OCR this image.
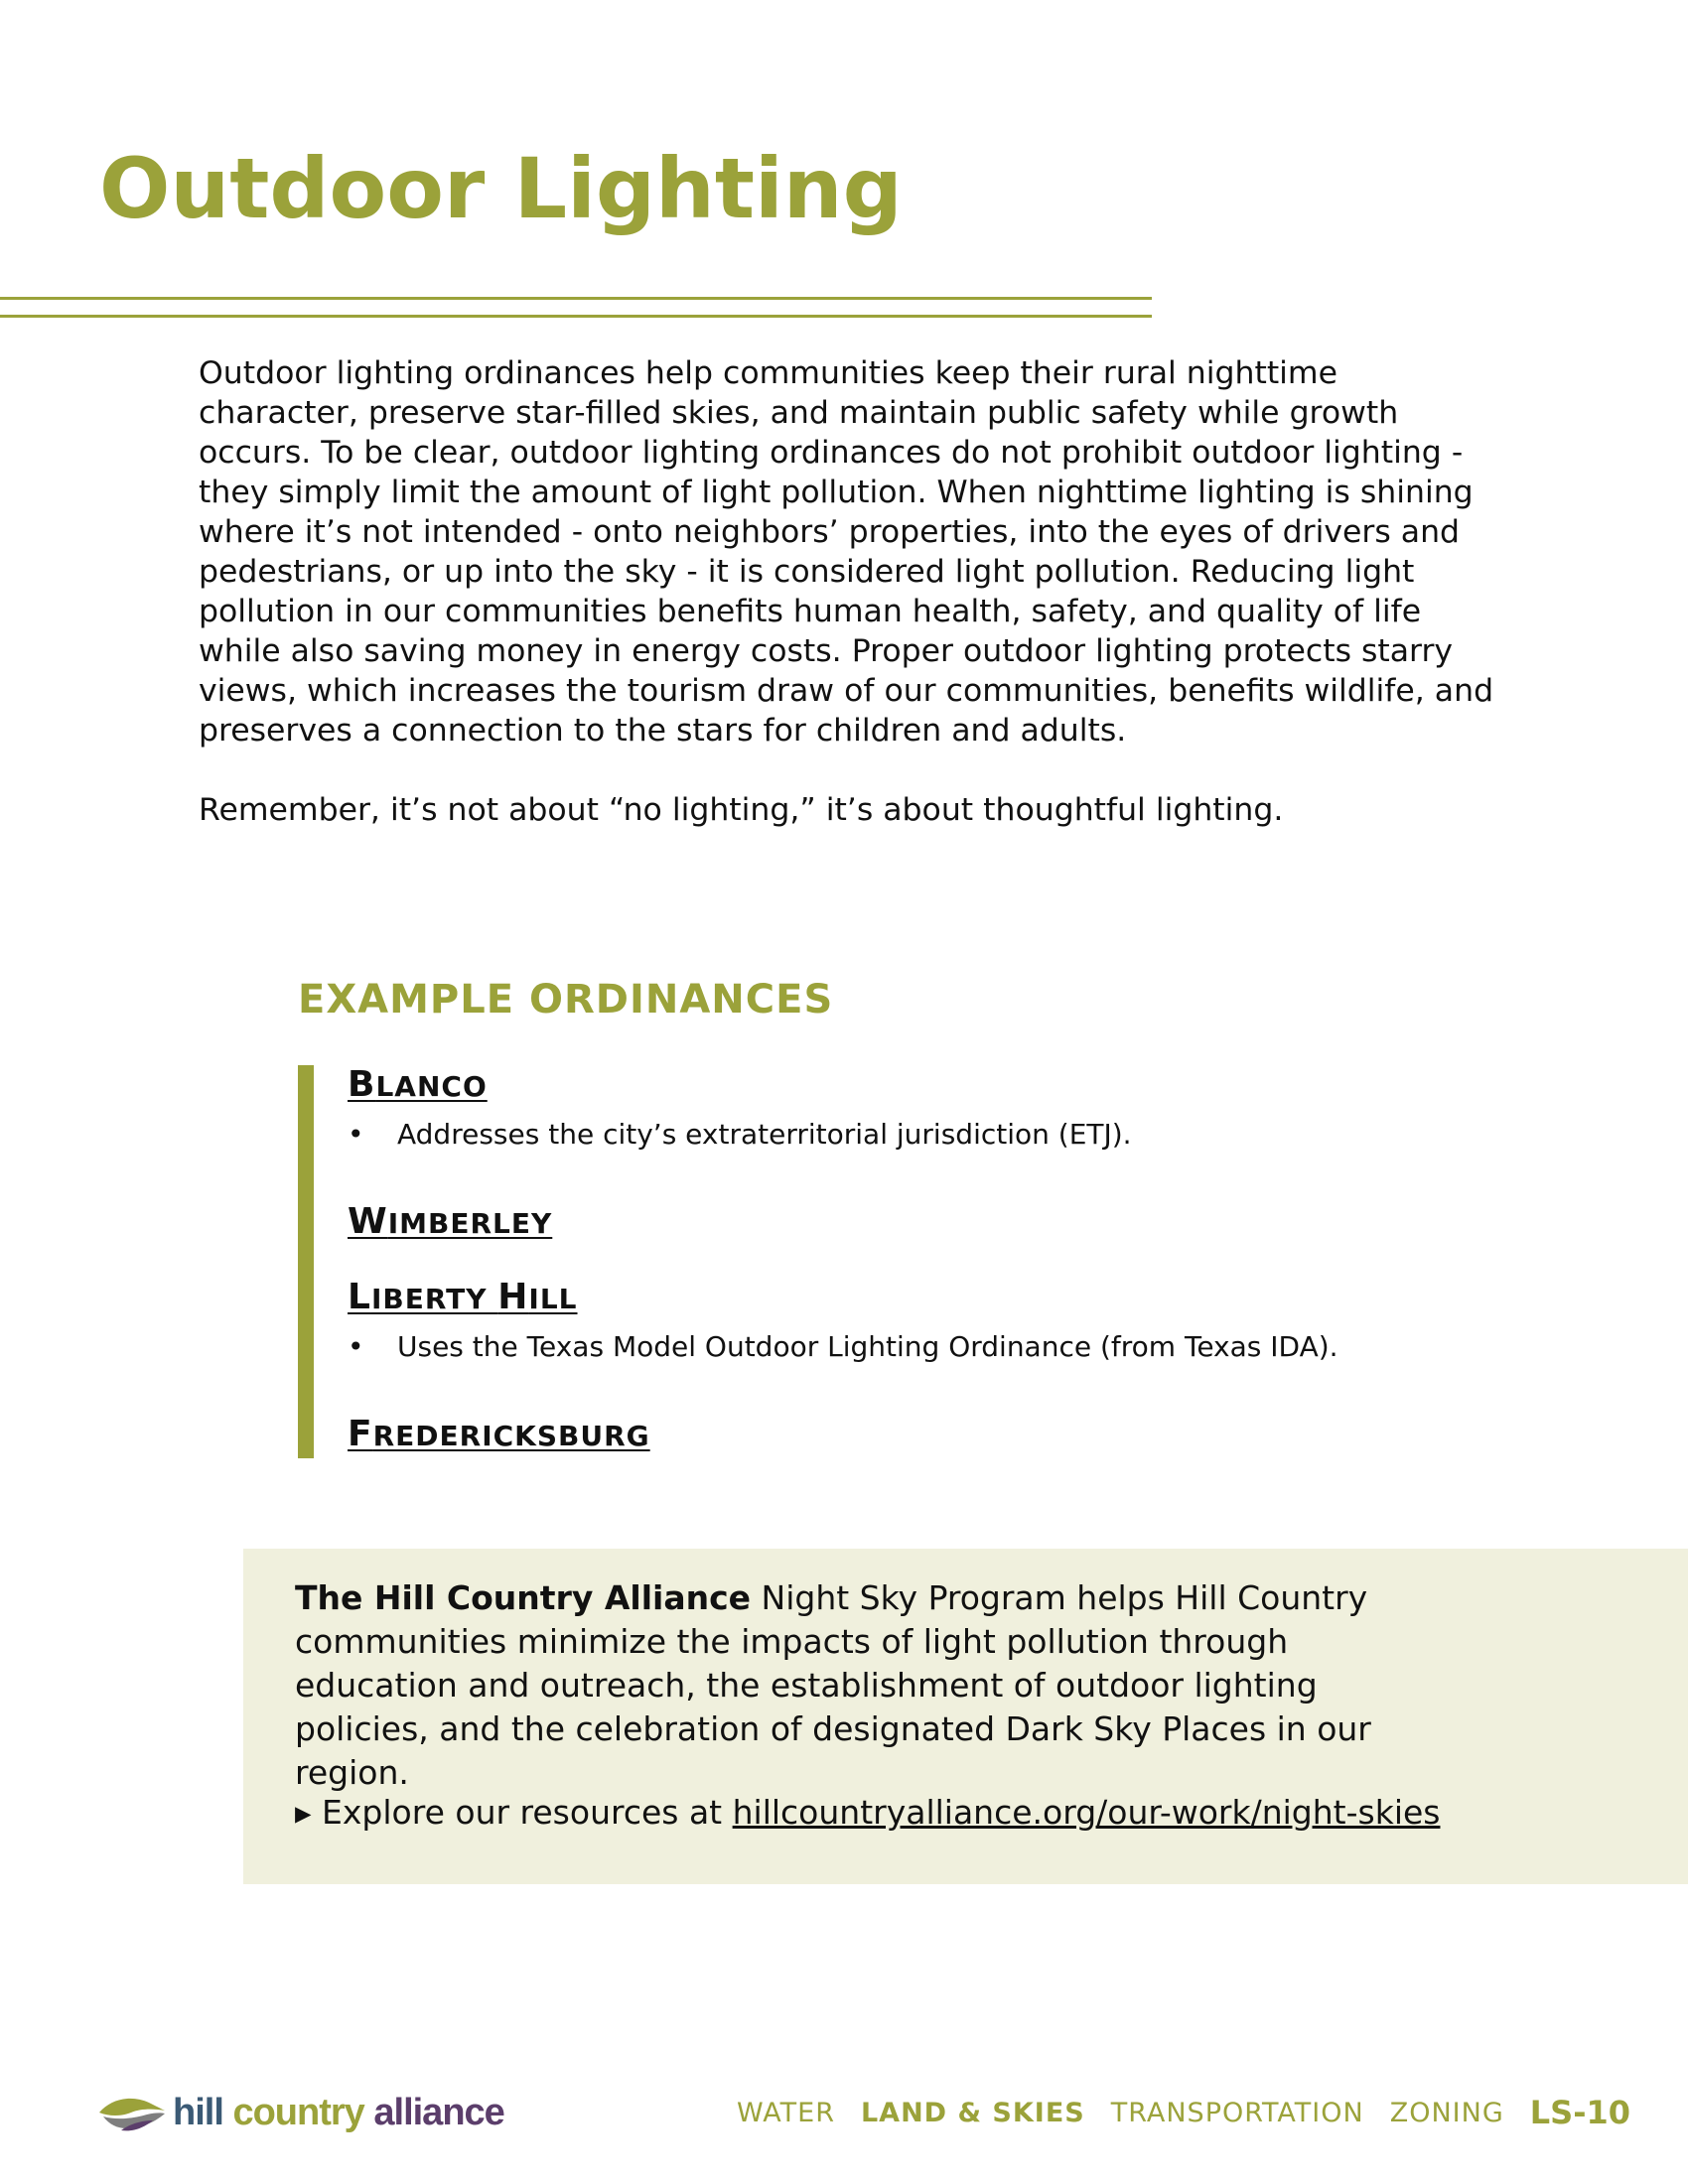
Outdoor Lighting

Outdoor lighting ordinances help communities keep their rural nighttime character, preserve star-filled skies, and maintain public safety while growth occurs. To be clear, outdoor lighting ordinances do not prohibit outdoor lighting - they simply limit the amount of light pollution. When nighttime lighting is shining where it’s not intended - onto neighbors’ properties, into the eyes of drivers and pedestrians, or up into the sky - it is considered light pollution. Reducing light pollution in our communities benefits human health, safety, and quality of life while also saving money in energy costs. Proper outdoor lighting protects starry views, which increases the tourism draw of our communities, benefits wildlife, and preserves a connection to the stars for children and adults.

Remember, it’s not about “no lighting,” it’s about thoughtful lighting.

EXAMPLE ORDINANCES
BLANCO
• Addresses the city’s extraterritorial jurisdiction (ETJ).
WIMBERLEY
LIBERTY HILL
• Uses the Texas Model Outdoor Lighting Ordinance (from Texas IDA).
FREDERICKSBURG
The Hill Country Alliance Night Sky Program helps Hill Country communities minimize the impacts of light pollution through education and outreach, the establishment of outdoor lighting policies, and the celebration of designated Dark Sky Places in our region.
▸ Explore our resources at hillcountryalliance.org/our-work/night-skies
hill country alliance	WATER LAND & SKIES TRANSPORTATION ZONING LS-10
